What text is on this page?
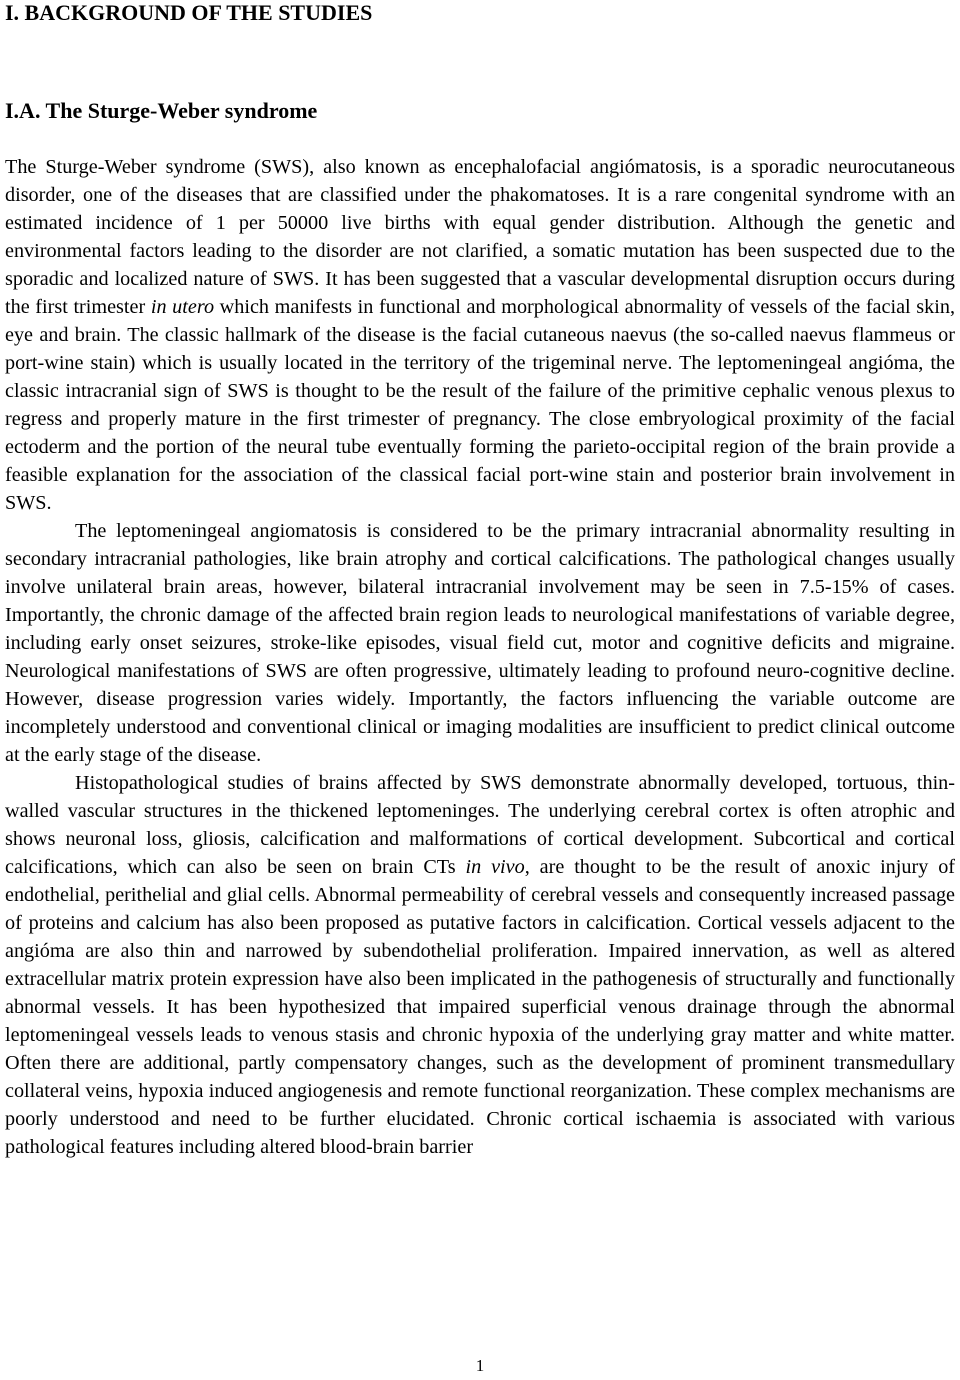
I. BACKGROUND OF THE STUDIES
I.A. The Sturge-Weber syndrome

The Sturge-Weber syndrome (SWS), also known as encephalofacial angiómatosis, is a sporadic neurocutaneous disorder, one of the diseases that are classified under the phakomatoses. It is a rare congenital syndrome with an estimated incidence of 1 per 50000 live births with equal gender distribution. Although the genetic and environmental factors leading to the disorder are not clarified, a somatic mutation has been suspected due to the sporadic and localized nature of SWS. It has been suggested that a vascular developmental disruption occurs during the first trimester in utero which manifests in functional and morphological abnormality of vessels of the facial skin, eye and brain. The classic hallmark of the disease is the facial cutaneous naevus (the so-called naevus flammeus or port-wine stain) which is usually located in the territory of the trigeminal nerve. The leptomeningeal angióma, the classic intracranial sign of SWS is thought to be the result of the failure of the primitive cephalic venous plexus to regress and properly mature in the first trimester of pregnancy. The close embryological proximity of the facial ectoderm and the portion of the neural tube eventually forming the parieto-occipital region of the brain provide a feasible explanation for the association of the classical facial port-wine stain and posterior brain involvement in SWS.

The leptomeningeal angiomatosis is considered to be the primary intracranial abnormality resulting in secondary intracranial pathologies, like brain atrophy and cortical calcifications. The pathological changes usually involve unilateral brain areas, however, bilateral intracranial involvement may be seen in 7.5-15% of cases. Importantly, the chronic damage of the affected brain region leads to neurological manifestations of variable degree, including early onset seizures, stroke-like episodes, visual field cut, motor and cognitive deficits and migraine. Neurological manifestations of SWS are often progressive, ultimately leading to profound neuro-cognitive decline. However, disease progression varies widely. Importantly, the factors influencing the variable outcome are incompletely understood and conventional clinical or imaging modalities are insufficient to predict clinical outcome at the early stage of the disease.

Histopathological studies of brains affected by SWS demonstrate abnormally developed, tortuous, thin-walled vascular structures in the thickened leptomeninges. The underlying cerebral cortex is often atrophic and shows neuronal loss, gliosis, calcification and malformations of cortical development. Subcortical and cortical calcifications, which can also be seen on brain CTs in vivo, are thought to be the result of anoxic injury of endothelial, perithelial and glial cells. Abnormal permeability of cerebral vessels and consequently increased passage of proteins and calcium has also been proposed as putative factors in calcification. Cortical vessels adjacent to the angióma are also thin and narrowed by subendothelial proliferation. Impaired innervation, as well as altered extracellular matrix protein expression have also been implicated in the pathogenesis of structurally and functionally abnormal vessels. It has been hypothesized that impaired superficial venous drainage through the abnormal leptomeningeal vessels leads to venous stasis and chronic hypoxia of the underlying gray matter and white matter. Often there are additional, partly compensatory changes, such as the development of prominent transmedullary collateral veins, hypoxia induced angiogenesis and remote functional reorganization. These complex mechanisms are poorly understood and need to be further elucidated. Chronic cortical ischaemia is associated with various pathological features including altered blood-brain barrier

1
